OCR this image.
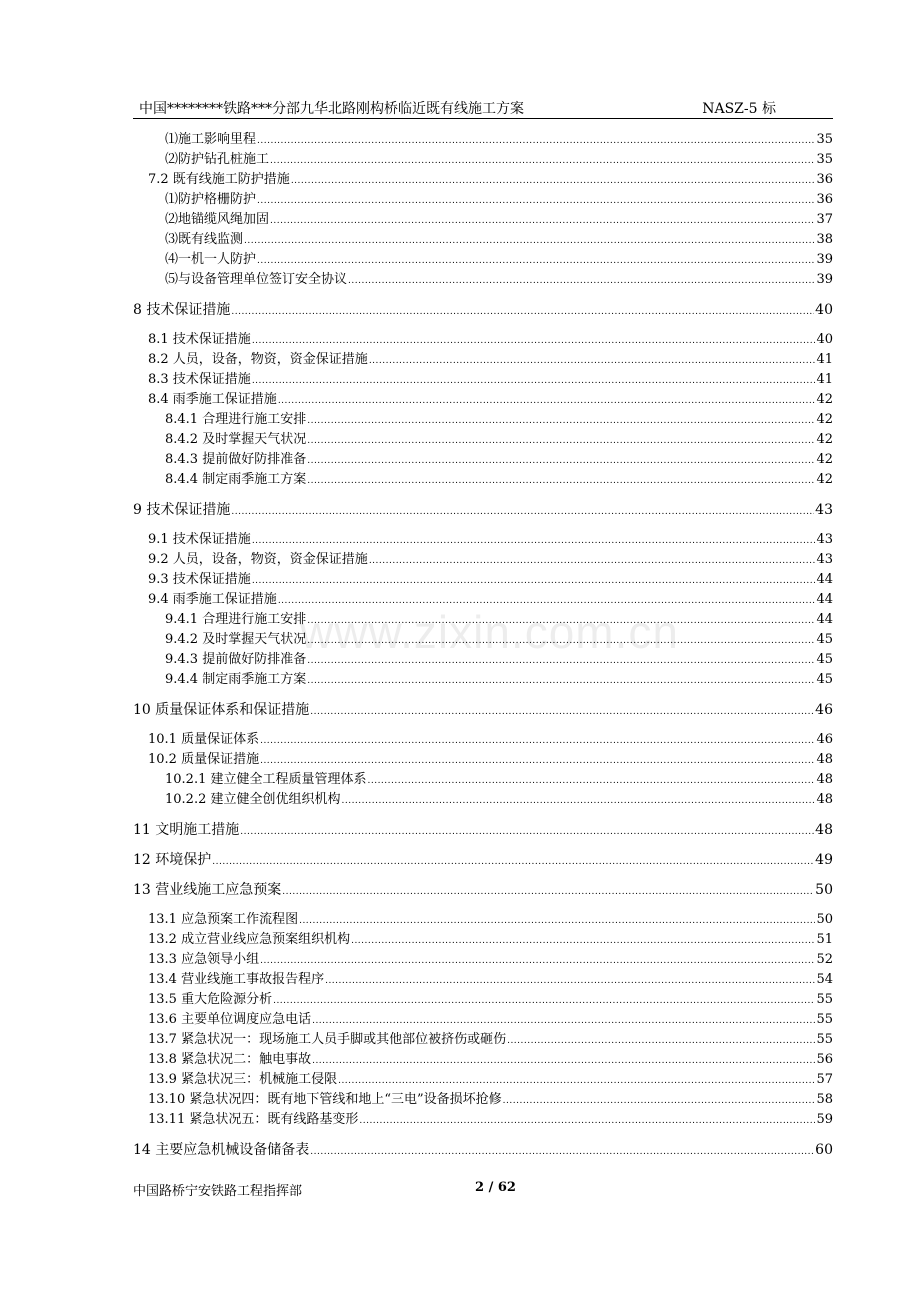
中国********铁路***分部九华北路刚构桥临近既有线施工方案	NASZ-5 标
⑴施工影响里程 .....	35
⑵防护钻孔桩施工 .....	35
7.2 既有线施工防护措施 .....	36
⑴防护格栅防护 .....	36
⑵地锚缆风绳加固 .....	37
⑶既有线监测 .....	38
⑷一机一人防护 .....	39
⑸与设备管理单位签订安全协议 .....	39
8 技术保证措施 .....	40
8.1 技术保证措施 .....	40
8.2 人员，设备，物资，资金保证措施 .....	41
8.3 技术保证措施 .....	41
8.4 雨季施工保证措施 .....	42
8.4.1 合理进行施工安排 .....	42
8.4.2 及时掌握天气状况 .....	42
8.4.3 提前做好防排准备 .....	42
8.4.4 制定雨季施工方案 .....	42
9 技术保证措施 .....	43
9.1 技术保证措施 .....	43
9.2 人员，设备，物资，资金保证措施 .....	43
9.3 技术保证措施 .....	44
9.4 雨季施工保证措施 .....	44
9.4.1 合理进行施工安排 .....	44
9.4.2 及时掌握天气状况 .....	45
9.4.3 提前做好防排准备 .....	45
9.4.4 制定雨季施工方案 .....	45
10 质量保证体系和保证措施 .....	46
10.1 质量保证体系 .....	46
10.2 质量保证措施 .....	48
10.2.1 建立健全工程质量管理体系 .....	48
10.2.2 建立健全创优组织机构 .....	48
11 文明施工措施 .....	48
12 环境保护 .....	49
13 营业线施工应急预案 .....	50
13.1 应急预案工作流程图 .....	50
13.2 成立营业线应急预案组织机构 .....	51
13.3 应急领导小组 .....	52
13.4 营业线施工事故报告程序 .....	54
13.5 重大危险源分析 .....	55
13.6 主要单位调度应急电话 .....	55
13.7 紧急状况一：现场施工人员手脚或其他部位被挤伤或砸伤 .....	55
13.8 紧急状况二：触电事故 .....	56
13.9 紧急状况三：机械施工侵限 .....	57
13.10 紧急状况四：既有地下管线和地上“三电”设备损坏抢修 .....	58
13.11 紧急状况五：既有线路基变形 .....	59
14 主要应急机械设备储备表 .....	60
www.zixin.com.cn
中国路桥宁安铁路工程指挥部	2 / 62
